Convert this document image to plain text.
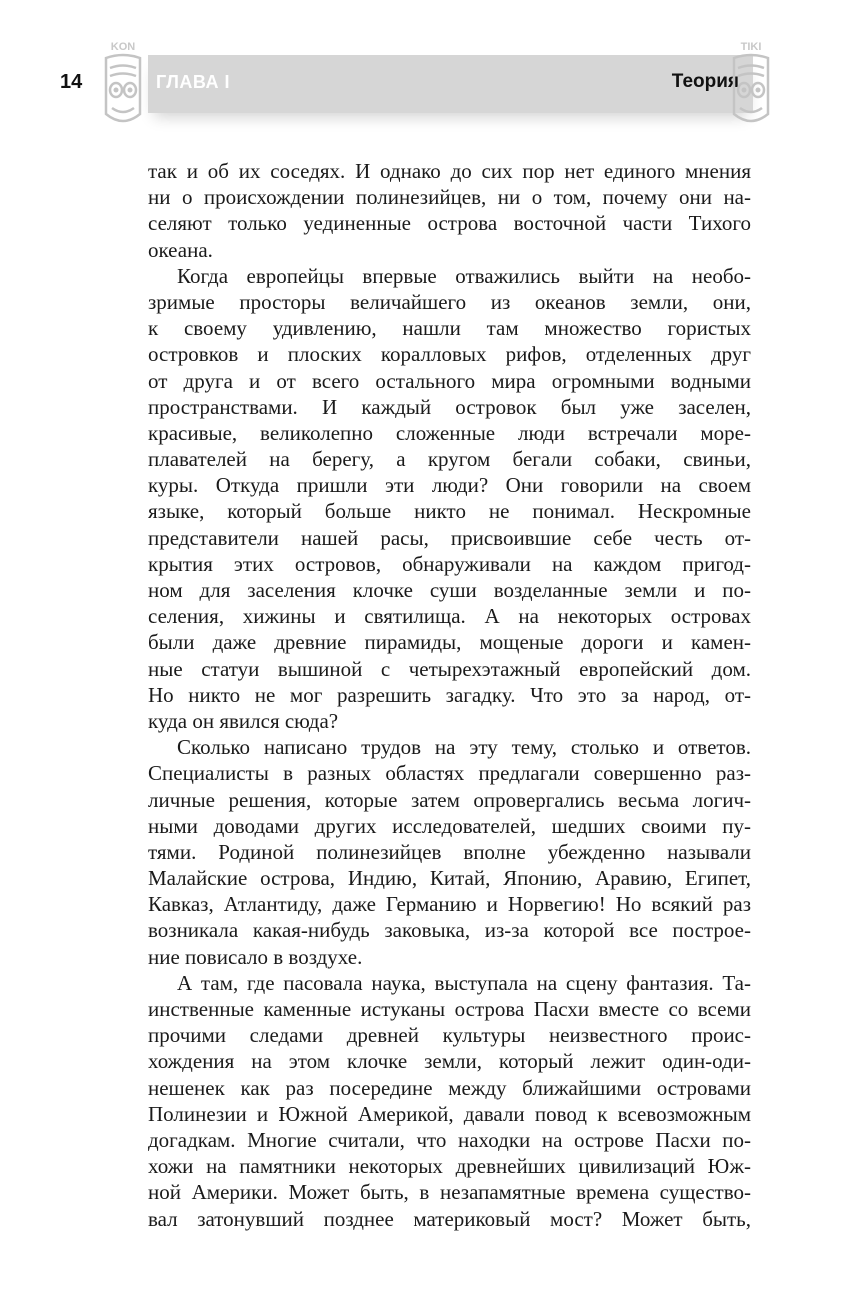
14	ГЛАВА I	Теория
KON	TIKI
так и об их соседях. И однако до сих пор нет единого мнения
ни о происхождении полинезийцев, ни о том, почему они на-
селяют только уединенные острова восточной части Тихого
океана.
Когда европейцы впервые отважились выйти на необо-
зримые просторы величайшего из океанов земли, они,
к своему удивлению, нашли там множество гористых
островков и плоских коралловых рифов, отделенных друг
от друга и от всего остального мира огромными водными
пространствами. И каждый островок был уже заселен,
красивые, великолепно сложенные люди встречали море-
плавателей на берегу, а кругом бегали собаки, свиньи,
куры. Откуда пришли эти люди? Они говорили на своем
языке, который больше никто не понимал. Нескромные
представители нашей расы, присвоившие себе честь от-
крытия этих островов, обнаруживали на каждом пригод-
ном для заселения клочке суши возделанные земли и по-
селения, хижины и святилища. А на некоторых островах
были даже древние пирамиды, мощеные дороги и камен-
ные статуи вышиной с четырехэтажный европейский дом.
Но никто не мог разрешить загадку. Что это за народ, от-
куда он явился сюда?
Сколько написано трудов на эту тему, столько и ответов.
Специалисты в разных областях предлагали совершенно раз-
личные решения, которые затем опровергались весьма логич-
ными доводами других исследователей, шедших своими пу-
тями. Родиной полинезийцев вполне убежденно называли
Малайские острова, Индию, Китай, Японию, Аравию, Египет,
Кавказ, Атлантиду, даже Германию и Норвегию! Но всякий раз
возникала какая-нибудь заковыка, из-за которой все построе-
ние повисало в воздухе.
А там, где пасовала наука, выступала на сцену фантазия. Та-
инственные каменные истуканы острова Пасхи вместе со всеми
прочими следами древней культуры неизвестного проис-
хождения на этом клочке земли, который лежит один-оди-
нешенек как раз посередине между ближайшими островами
Полинезии и Южной Америкой, давали повод к всевозможным
догадкам. Многие считали, что находки на острове Пасхи по-
хожи на памятники некоторых древнейших цивилизаций Юж-
ной Америки. Может быть, в незапамятные времена существо-
вал затонувший позднее материковый мост? Может быть,
